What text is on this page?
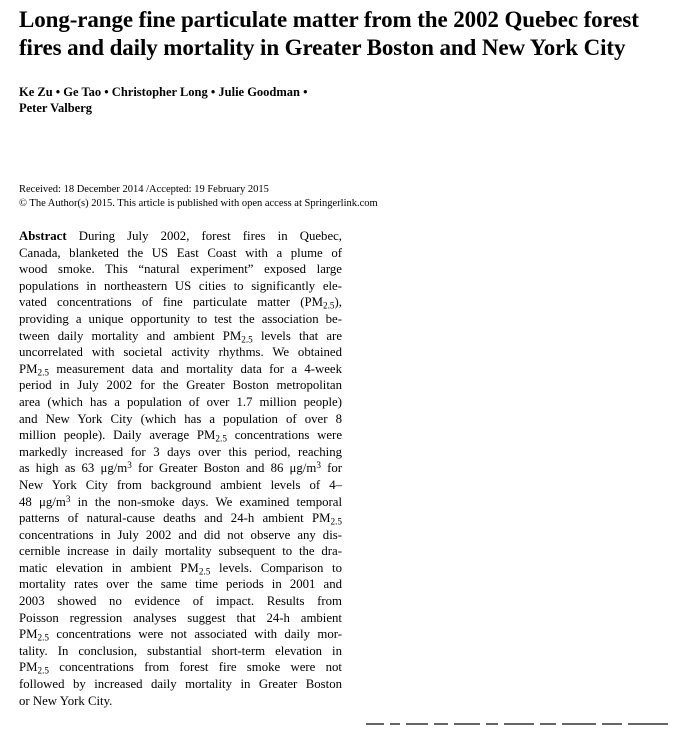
Long-range fine particulate matter from the 2002 Quebec forest
fires and daily mortality in Greater Boston and New York City
Ke Zu • Ge Tao • Christopher Long • Julie Goodman •
Peter Valberg
Received: 18 December 2014 /Accepted: 19 February 2015
© The Author(s) 2015. This article is published with open access at Springerlink.com
Abstract During July 2002, forest fires in Quebec,
Canada, blanketed the US East Coast with a plume of
wood smoke. This “natural experiment” exposed large
populations in northeastern US cities to significantly ele-
vated concentrations of fine particulate matter $(PM_{2.5})$,
providing a unique opportunity to test the association be-
tween daily mortality and ambient $PM_{2.5}$ levels that are
uncorrelated with societal activity rhythms. We obtained
$PM_{2.5}$ measurement data and mortality data for a 4-week
period in July 2002 for the Greater Boston metropolitan
area (which has a population of over 1.7 million people)
and New York City (which has a population of over 8
million people). Daily average $PM_{2.5}$ concentrations were
markedly increased for 3 days over this period, reaching
as high as 63 $\mu g/m^3$ for Greater Boston and 86 $\mu g/m^3$ for
New York City from background ambient levels of 4–
48 $\mu g/m^3$ in the non-smoke days. We examined temporal
patterns of natural-cause deaths and 24-h ambient $PM_{2.5}$
concentrations in July 2002 and did not observe any dis-
cernible increase in daily mortality subsequent to the dra-
matic elevation in ambient $PM_{2.5}$ levels. Comparison to
mortality rates over the same time periods in 2001 and
2003 showed no evidence of impact. Results from
Poisson regression analyses suggest that 24-h ambient
$PM_{2.5}$ concentrations were not associated with daily mor-
tality. In conclusion, substantial short-term elevation in
$PM_{2.5}$ concentrations from forest fire smoke were not
followed by increased daily mortality in Greater Boston
or New York City.
